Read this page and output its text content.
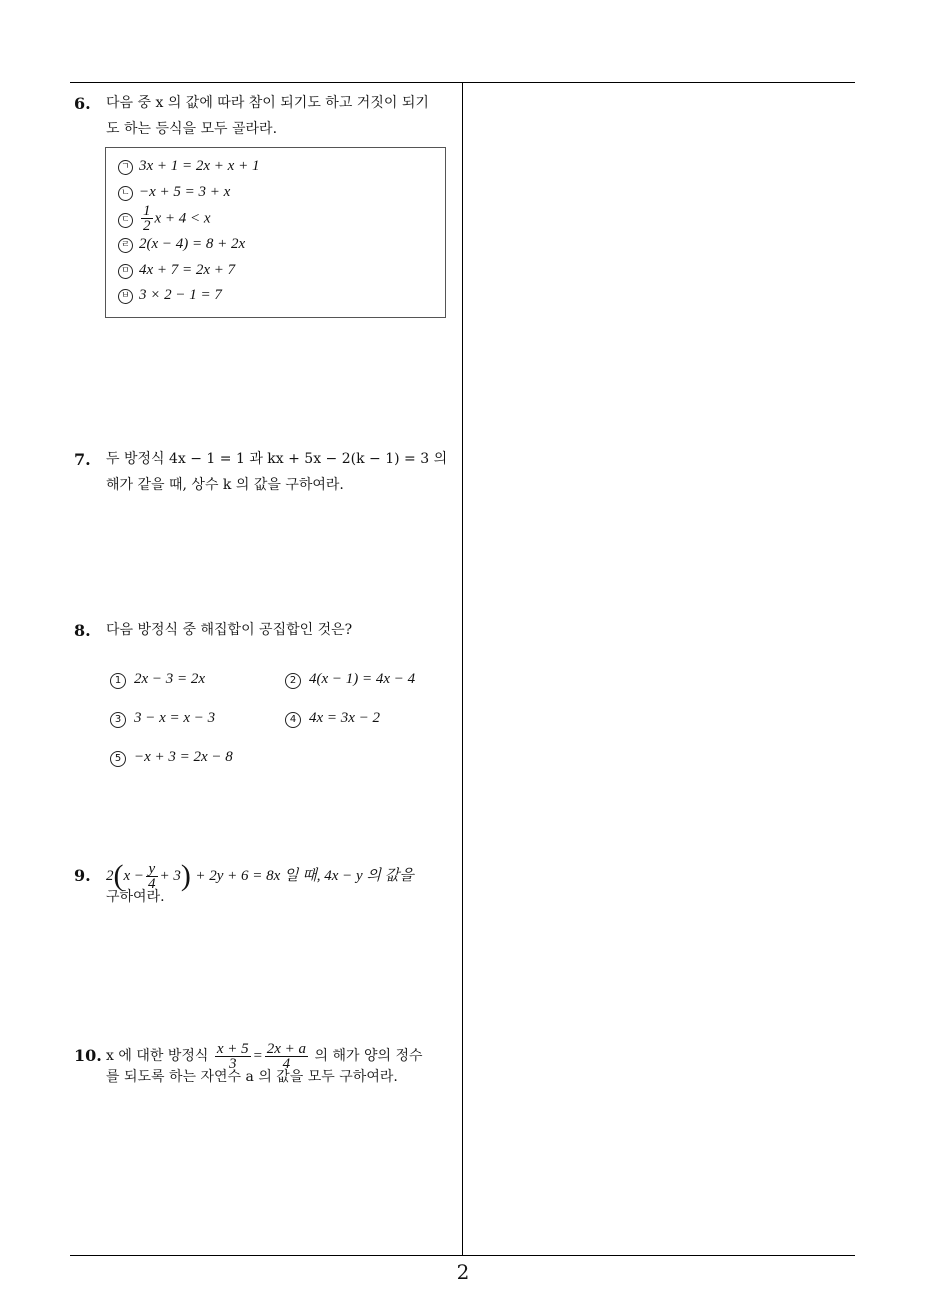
6. 다음 중 x 의 값에 따라 참이 되기도 하고 거짓이 되기
도 하는 등식을 모두 골라라.
ㄱ 3x + 1 = 2x + x + 1
ㄴ −x + 5 = 3 + x
ㄷ $\frac{1}{2}$ x + 4 < x
ㄹ 2(x − 4) = 8 + 2x
ㅁ 4x + 7 = 2x + 7
ㅂ 3 × 2 − 1 = 7
7. 두 방정식 4x − 1 = 1 과 kx + 5x − 2(k − 1) = 3 의
해가 같을 때, 상수 k 의 값을 구하여라.
8. 다음 방정식 중 해집합이 공집합인 것은?
1 2x − 3 = 2x	2 4(x − 1) = 4x − 4
3 3 − x = x − 3	4 4x = 3x − 2
5 −x + 3 = 2x − 8
9. $2(x - \frac{y}{4} + 3) + 2y + 6 = 8x$ 일 때, 4x − y 의 값을
구하여라.
10. x 에 대한 방정식 $\frac{x + 5}{3} = \frac{2x + a}{4}$ 의 해가 양의 정수
를 되도록 하는 자연수 a 의 값을 모두 구하여라.
2
